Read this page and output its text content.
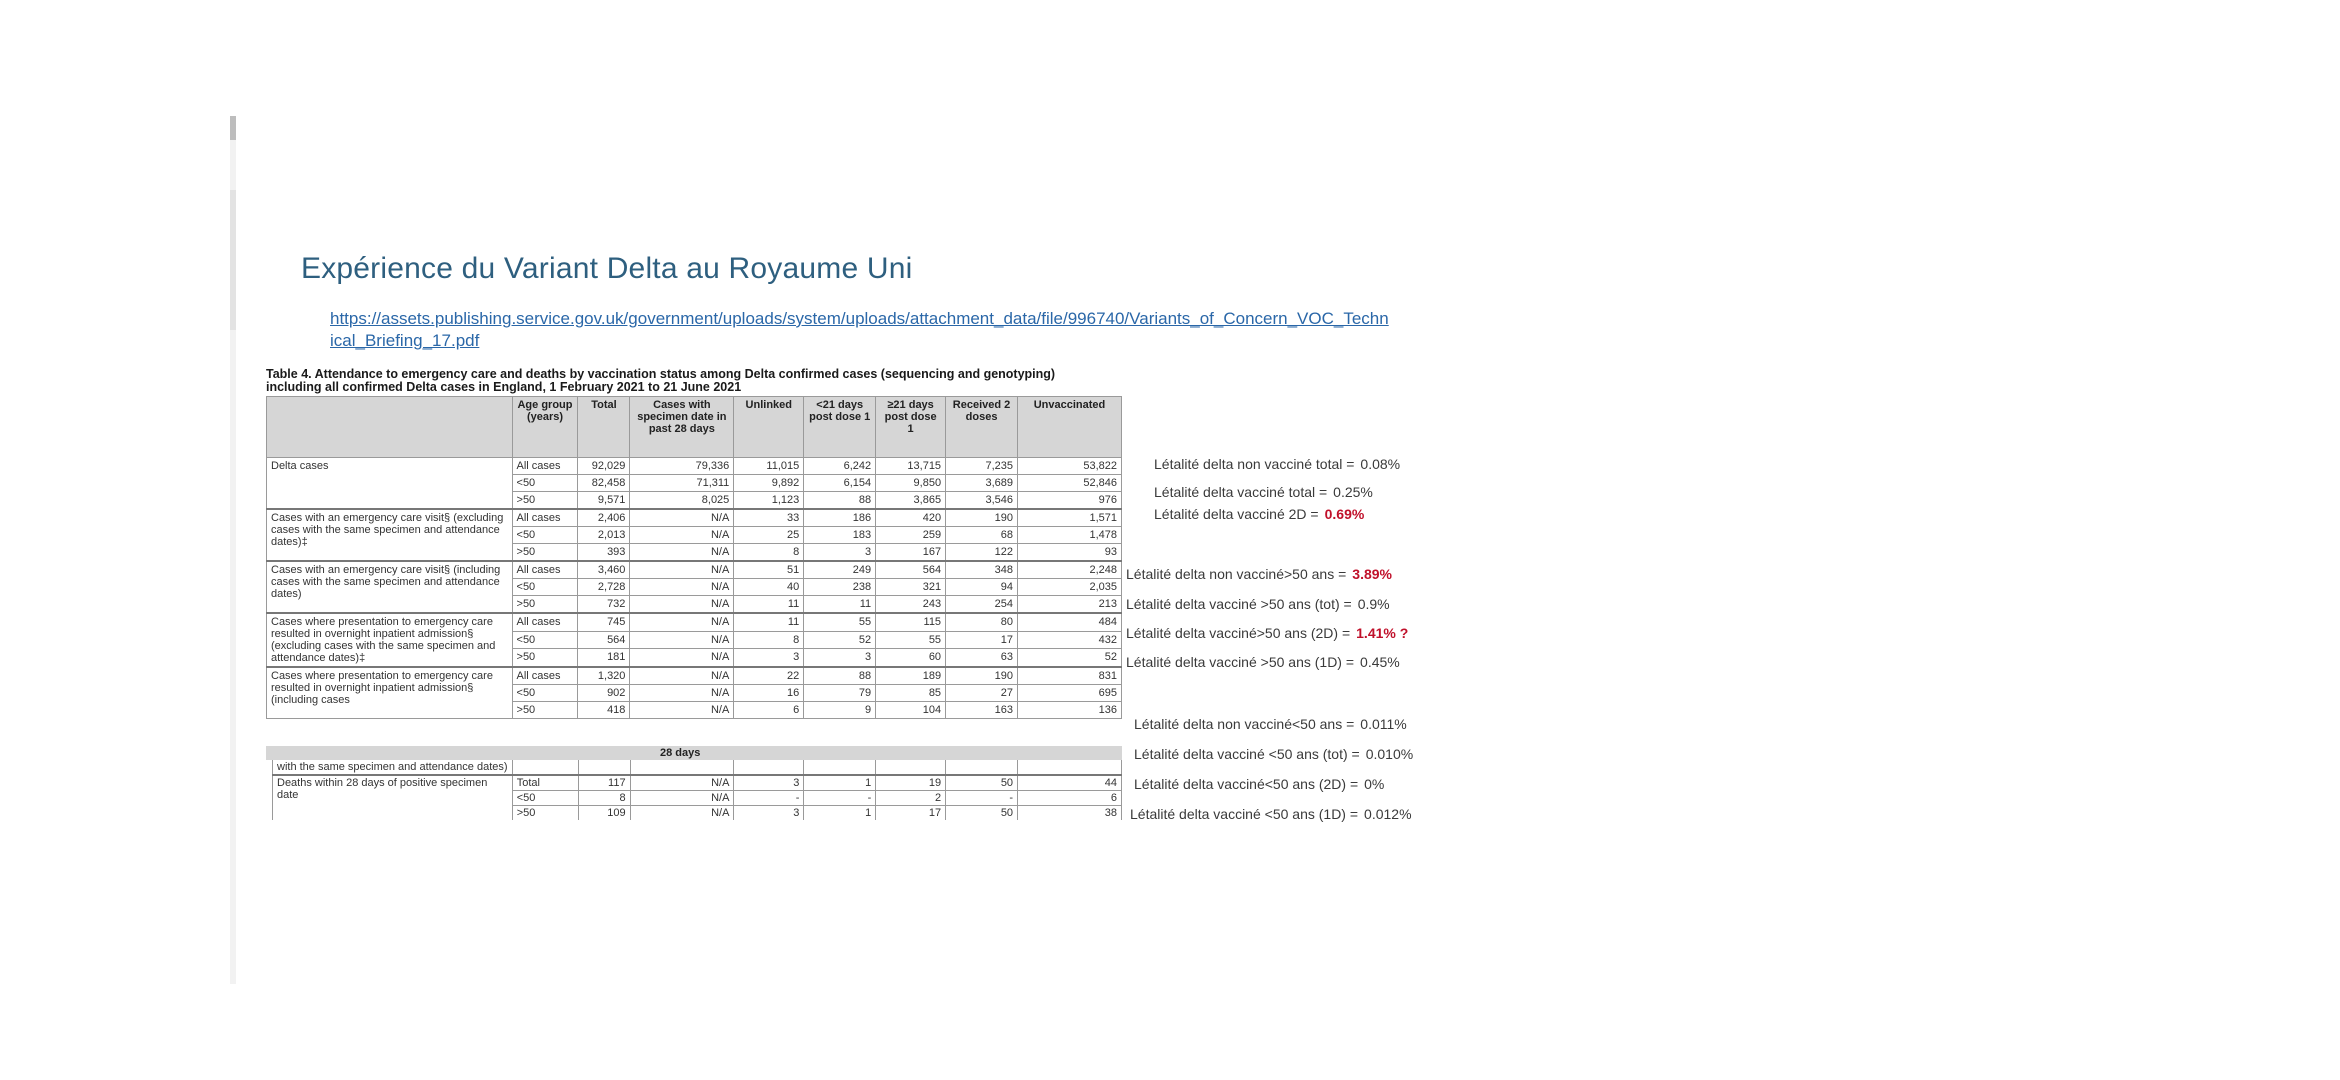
Expérience du Variant Delta au Royaume Uni
https://assets.publishing.service.gov.uk/government/uploads/system/uploads/attachment_data/file/996740/Variants_of_Concern_VOC_Technical_Briefing_17.pdf
Table 4. Attendance to emergency care and deaths by vaccination status among Delta confirmed cases (sequencing and genotyping) including all confirmed Delta cases in England, 1 February 2021 to 21 June 2021
	Age group (years)	Total	Cases with specimen date in past 28 days	Unlinked	<21 days post dose 1	≥21 days post dose 1	Received 2 doses	Unvaccinated
Delta cases	All cases	92,029	79,336	11,015	6,242	13,715	7,235	53,822
	<50	82,458	71,311	9,892	6,154	9,850	3,689	52,846
	>50	9,571	8,025	1,123	88	3,865	3,546	976
Cases with an emergency care visit§ (excluding cases with the same specimen and attendance dates)‡	All cases	2,406	N/A	33	186	420	190	1,571
	<50	2,013	N/A	25	183	259	68	1,478
	>50	393	N/A	8	3	167	122	93
Cases with an emergency care visit§ (including cases with the same specimen and attendance dates)	All cases	3,460	N/A	51	249	564	348	2,248
	<50	2,728	N/A	40	238	321	94	2,035
	>50	732	N/A	11	11	243	254	213
Cases where presentation to emergency care resulted in overnight inpatient admission§ (excluding cases with the same specimen and attendance dates)‡	All cases	745	N/A	11	55	115	80	484
	<50	564	N/A	8	52	55	17	432
	>50	181	N/A	3	3	60	63	52
Cases where presentation to emergency care resulted in overnight inpatient admission§ (including cases	All cases	1,320	N/A	22	88	189	190	831
	<50	902	N/A	16	79	85	27	695
	>50	418	N/A	6	9	104	163	136
28 days
with the same specimen and attendance dates)								
Deaths within 28 days of positive specimen date	Total	117	N/A	3	1	19	50	44
	<50	8	N/A	-	-	2	-	6
	>50	109	N/A	3	1	17	50	38
Létalité delta non vacciné total = 0.08%
Létalité delta vacciné total = 0.25%
Létalité delta vacciné 2D = 0.69%
Létalité delta non vacciné>50 ans = 3.89%
Létalité delta vacciné >50 ans (tot) = 0.9%
Létalité delta vacciné>50 ans (2D) = 1.41% ?
Létalité delta vacciné >50 ans (1D) = 0.45%
Létalité delta non vacciné<50 ans = 0.011%
Létalité delta vacciné <50 ans (tot) = 0.010%
Létalité delta vacciné<50 ans (2D) = 0%
Létalité delta vacciné <50 ans (1D) = 0.012%
